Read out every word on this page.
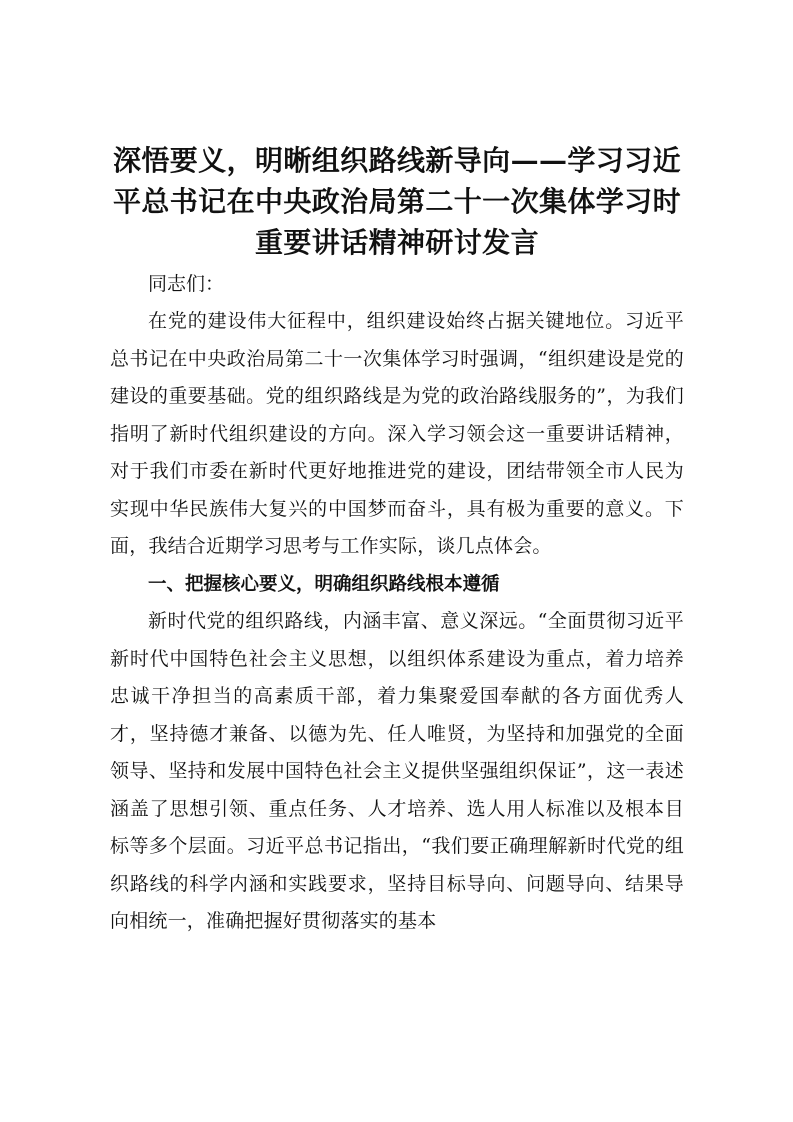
深悟要义，明晰组织路线新导向——学习习近
平总书记在中央政治局第二十一次集体学习时
重要讲话精神研讨发言

同志们：

在党的建设伟大征程中，组织建设始终占据关键地位。习近平总书记在中央政治局第二十一次集体学习时强调，“组织建设是党的建设的重要基础。党的组织路线是为党的政治路线服务的”，为我们指明了新时代组织建设的方向。深入学习领会这一重要讲话精神，对于我们市委在新时代更好地推进党的建设，团结带领全市人民为实现中华民族伟大复兴的中国梦而奋斗，具有极为重要的意义。下面，我结合近期学习思考与工作实际，谈几点体会。

一、把握核心要义，明确组织路线根本遵循

新时代党的组织路线，内涵丰富、意义深远。“全面贯彻习近平新时代中国特色社会主义思想，以组织体系建设为重点，着力培养忠诚干净担当的高素质干部，着力集聚爱国奉献的各方面优秀人才，坚持德才兼备、以德为先、任人唯贤，为坚持和加强党的全面领导、坚持和发展中国特色社会主义提供坚强组织保证”，这一表述涵盖了思想引领、重点任务、人才培养、选人用人标准以及根本目标等多个层面。习近平总书记指出，“我们要正确理解新时代党的组织路线的科学内涵和实践要求，坚持目标导向、问题导向、结果导向相统一，准确把握好贯彻落实的基本
